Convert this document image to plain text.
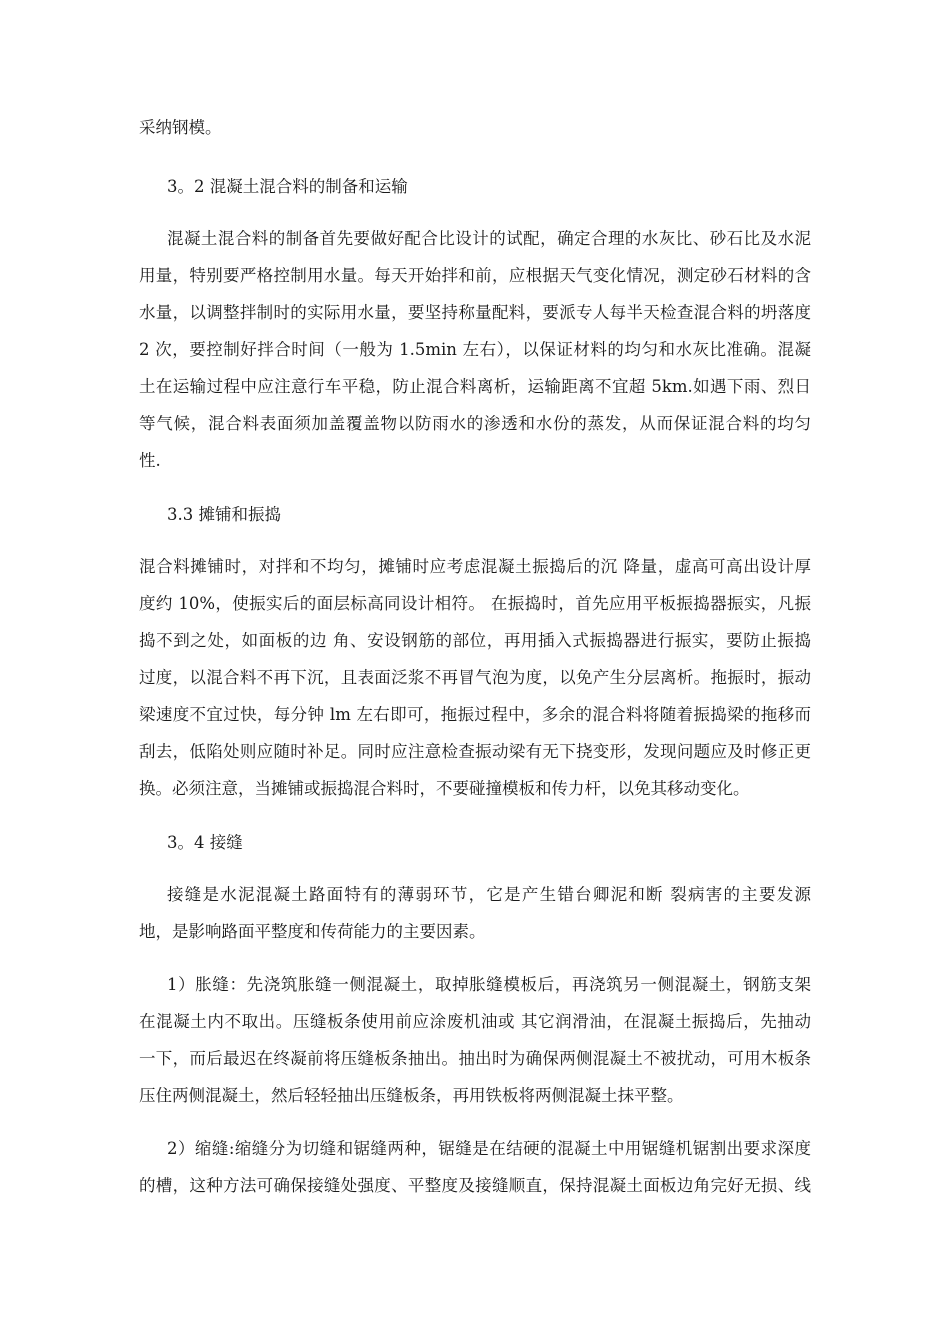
采纳钢模。
3。2 混凝土混合料的制备和运输
混凝土混合料的制备首先要做好配合比设计的试配，确定合理的水灰比、砂石比及水泥
用量，特别要严格控制用水量。每天开始拌和前，应根据天气变化情况，测定砂石材料的含
水量，以调整拌制时的实际用水量，要坚持称量配料，要派专人每半天检查混合料的坍落度
2 次，要控制好拌合时间（一般为 1.5min 左右），以保证材料的均匀和水灰比准确。混凝
土在运输过程中应注意行车平稳，防止混合料离析，运输距离不宜超 5km.如遇下雨、烈日
等气候，混合料表面须加盖覆盖物以防雨水的渗透和水份的蒸发，从而保证混合料的均匀
性.
3.3 摊铺和振捣
混合料摊铺时，对拌和不均匀，摊铺时应考虑混凝土振捣后的沉 降量，虚高可高出设计厚
度约 10%，使振实后的面层标高同设计相符。 在振捣时，首先应用平板振捣器振实，凡振
捣不到之处，如面板的边 角、安设钢筋的部位，再用插入式振捣器进行振实，要防止振捣
过度，以混合料不再下沉，且表面泛浆不再冒气泡为度，以免产生分层离析。拖振时，振动
梁速度不宜过快，每分钟 lm 左右即可，拖振过程中，多余的混合料将随着振捣梁的拖移而
刮去，低陷处则应随时补足。同时应注意检查振动梁有无下挠变形，发现问题应及时修正更
换。必须注意，当摊铺或振捣混合料时，不要碰撞模板和传力杆，以免其移动变化。
3。4 接缝
接缝是水泥混凝土路面特有的薄弱环节，它是产生错台卿泥和断 裂病害的主要发源
地，是影响路面平整度和传荷能力的主要因素。
1）胀缝：先浇筑胀缝一侧混凝土，取掉胀缝模板后，再浇筑另一侧混凝土，钢筋支架
在混凝土内不取出。压缝板条使用前应涂废机油或 其它润滑油，在混凝土振捣后，先抽动
一下，而后最迟在终凝前将压缝板条抽出。抽出时为确保两侧混凝土不被扰动，可用木板条
压住两侧混凝土，然后轻轻抽出压缝板条，再用铁板将两侧混凝土抹平整。
2）缩缝:缩缝分为切缝和锯缝两种，锯缝是在结硬的混凝土中用锯缝机锯割出要求深度
的槽，这种方法可确保接缝处强度、平整度及接缝顺直，保持混凝土面板边角完好无损、线
